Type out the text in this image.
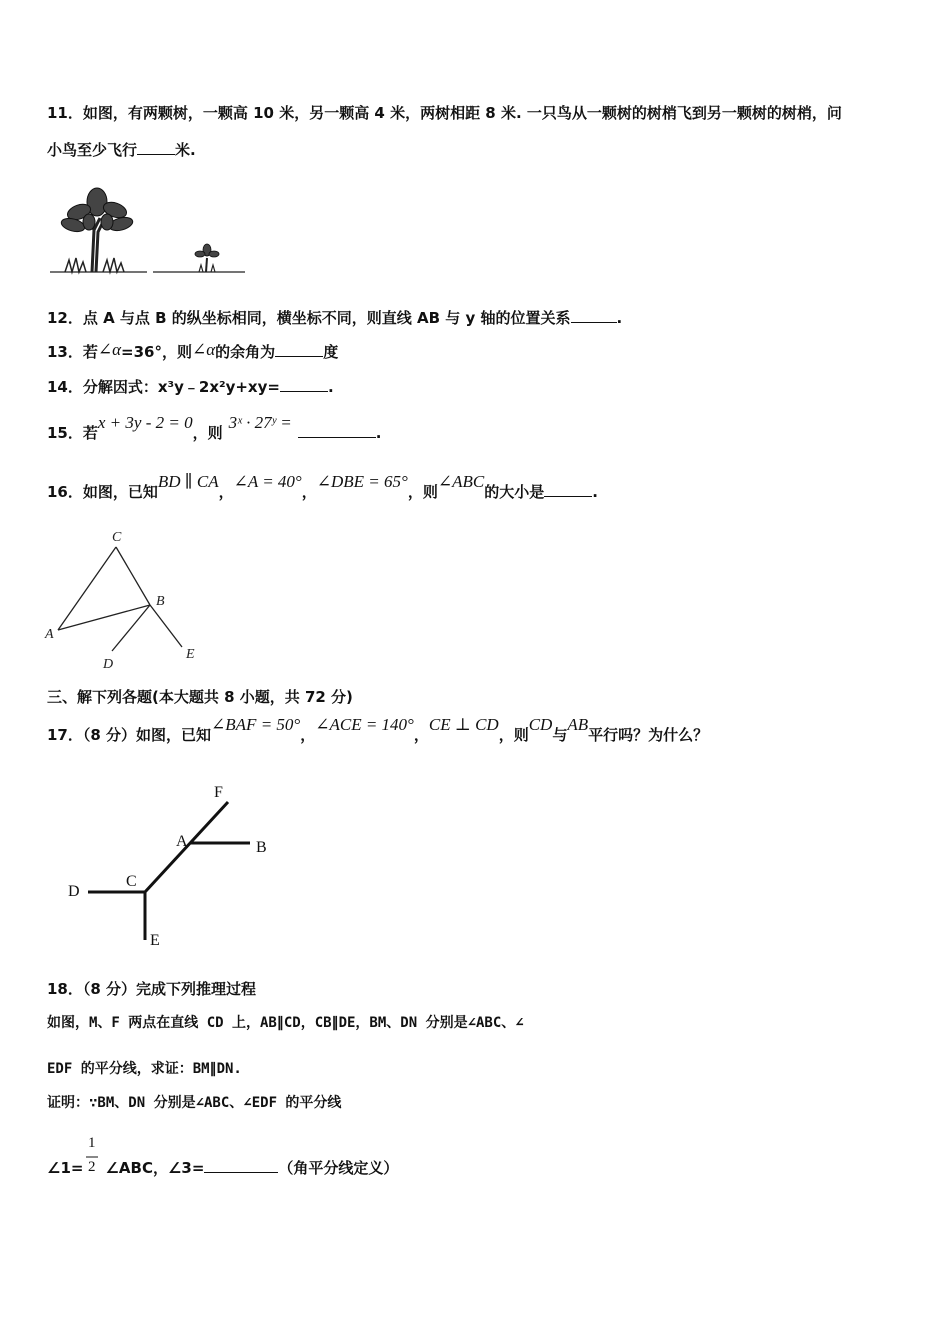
11．如图，有两颗树，一颗高 10 米，另一颗高 4 米，两树相距 8 米. 一只鸟从一颗树的树梢飞到另一颗树的树梢，问
小鸟至少飞行	米.
12．点 A 与点 B 的纵坐标相同，横坐标不同，则直线 AB 与 y 轴的位置关系	.
13．若∠α=36°，则∠α的余角为	度
14．分解因式：x³y﹣2x²y+xy=	.
15．若x + 3y - 2 = 0，则3ˣ · 27ʸ =.
16．如图，已知BD ∥ CA，∠A = 40°，∠DBE = 65°，则∠ABC的大小是	.
C
B
A
D
E
三、解下列各题(本大题共 8 小题，共 72 分)
17．（8 分）如图，已知∠BAF = 50°，∠ACE = 140°，CE ⊥ CD，则CD与AB平行吗？为什么？
F
A	B
C
D
E
18．（8 分）完成下列推理过程
如图，M、F 两点在直线 CD 上，AB∥CD，CB∥DE，BM、DN 分别是∠ABC、∠
EDF 的平分线，求证：BM∥DN.
证明：∵BM、DN 分别是∠ABC、∠EDF 的平分线
1
2
∠1= ∠ABC，∠3=	（角平分线定义）
